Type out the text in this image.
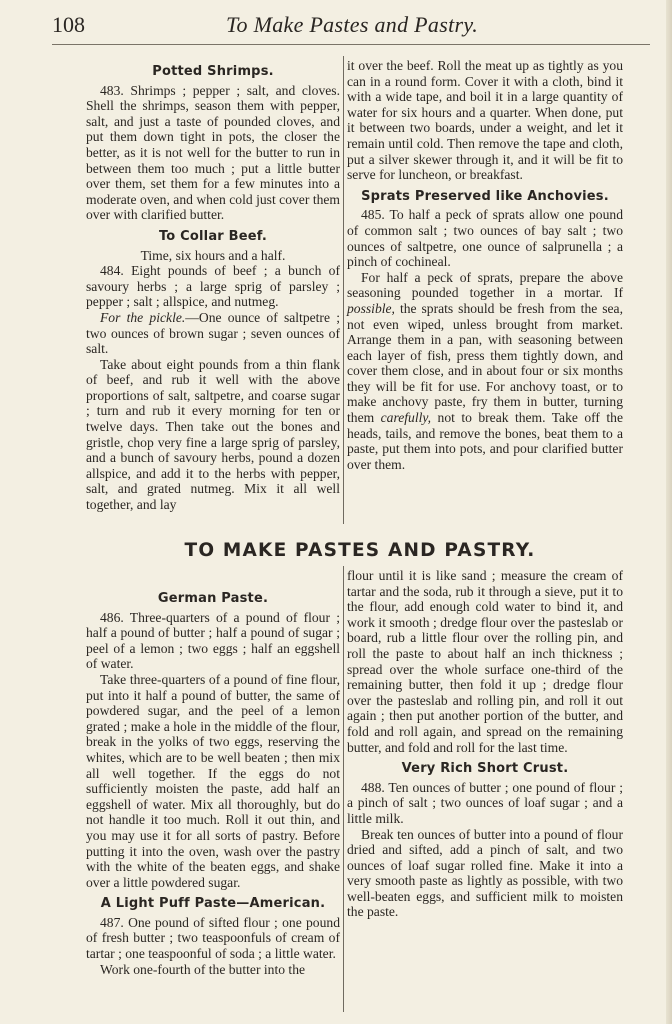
108	To Make Pastes and Pastry.
Potted Shrimps.

483. Shrimps ; pepper ; salt, and cloves. Shell the shrimps, season them with pepper, salt, and just a taste of pounded cloves, and put them down tight in pots, the closer the better, as it is not well for the butter to run in between them too much ; put a little butter over them, set them for a few minutes into a moderate oven, and when cold just cover them over with clarified butter.

To Collar Beef.

Time, six hours and a half.

484. Eight pounds of beef ; a bunch of savoury herbs ; a large sprig of parsley ; pepper ; salt ; allspice, and nutmeg.

For the pickle.—One ounce of saltpetre ; two ounces of brown sugar ; seven ounces of salt.

Take about eight pounds from a thin flank of beef, and rub it well with the above proportions of salt, saltpetre, and coarse sugar ; turn and rub it every morning for ten or twelve days. Then take out the bones and gristle, chop very fine a large sprig of parsley, and a bunch of savoury herbs, pound a dozen allspice, and add it to the herbs with pepper, salt, and grated nutmeg. Mix it all well together, and lay

it over the beef. Roll the meat up as tightly as you can in a round form. Cover it with a cloth, bind it with a wide tape, and boil it in a large quantity of water for six hours and a quarter. When done, put it between two boards, under a weight, and let it remain until cold. Then remove the tape and cloth, put a silver skewer through it, and it will be fit to serve for luncheon, or breakfast.

Sprats Preserved like Anchovies.

485. To half a peck of sprats allow one pound of common salt ; two ounces of bay salt ; two ounces of saltpetre, one ounce of salprunella ; a pinch of cochineal.

For half a peck of sprats, prepare the above seasoning pounded together in a mortar. If possible, the sprats should be fresh from the sea, not even wiped, unless brought from market. Arrange them in a pan, with seasoning between each layer of fish, press them tightly down, and cover them close, and in about four or six months they will be fit for use. For anchovy toast, or to make anchovy paste, fry them in butter, turning them carefully, not to break them. Take off the heads, tails, and remove the bones, beat them to a paste, put them into pots, and pour clarified butter over them.

TO MAKE PASTES AND PASTRY.
German Paste.

486. Three-quarters of a pound of flour ; half a pound of butter ; half a pound of sugar ; peel of a lemon ; two eggs ; half an eggshell of water.

Take three-quarters of a pound of fine flour, put into it half a pound of butter, the same of powdered sugar, and the peel of a lemon grated ; make a hole in the middle of the flour, break in the yolks of two eggs, reserving the whites, which are to be well beaten ; then mix all well together. If the eggs do not sufficiently moisten the paste, add half an eggshell of water. Mix all thoroughly, but do not handle it too much. Roll it out thin, and you may use it for all sorts of pastry. Before putting it into the oven, wash over the pastry with the white of the beaten eggs, and shake over a little powdered sugar.

A Light Puff Paste—American.

487. One pound of sifted flour ; one pound of fresh butter ; two teaspoonfuls of cream of tartar ; one teaspoonful of soda ; a little water.

Work one-fourth of the butter into the

flour until it is like sand ; measure the cream of tartar and the soda, rub it through a sieve, put it to the flour, add enough cold water to bind it, and work it smooth ; dredge flour over the pasteslab or board, rub a little flour over the rolling pin, and roll the paste to about half an inch thickness ; spread over the whole surface one-third of the remaining butter, then fold it up ; dredge flour over the pasteslab and rolling pin, and roll it out again ; then put another portion of the butter, and fold and roll again, and spread on the remaining butter, and fold and roll for the last time.

Very Rich Short Crust.

488. Ten ounces of butter ; one pound of flour ; a pinch of salt ; two ounces of loaf sugar ; and a little milk.

Break ten ounces of butter into a pound of flour dried and sifted, add a pinch of salt, and two ounces of loaf sugar rolled fine. Make it into a very smooth paste as lightly as possible, with two well-beaten eggs, and sufficient milk to moisten the paste.
